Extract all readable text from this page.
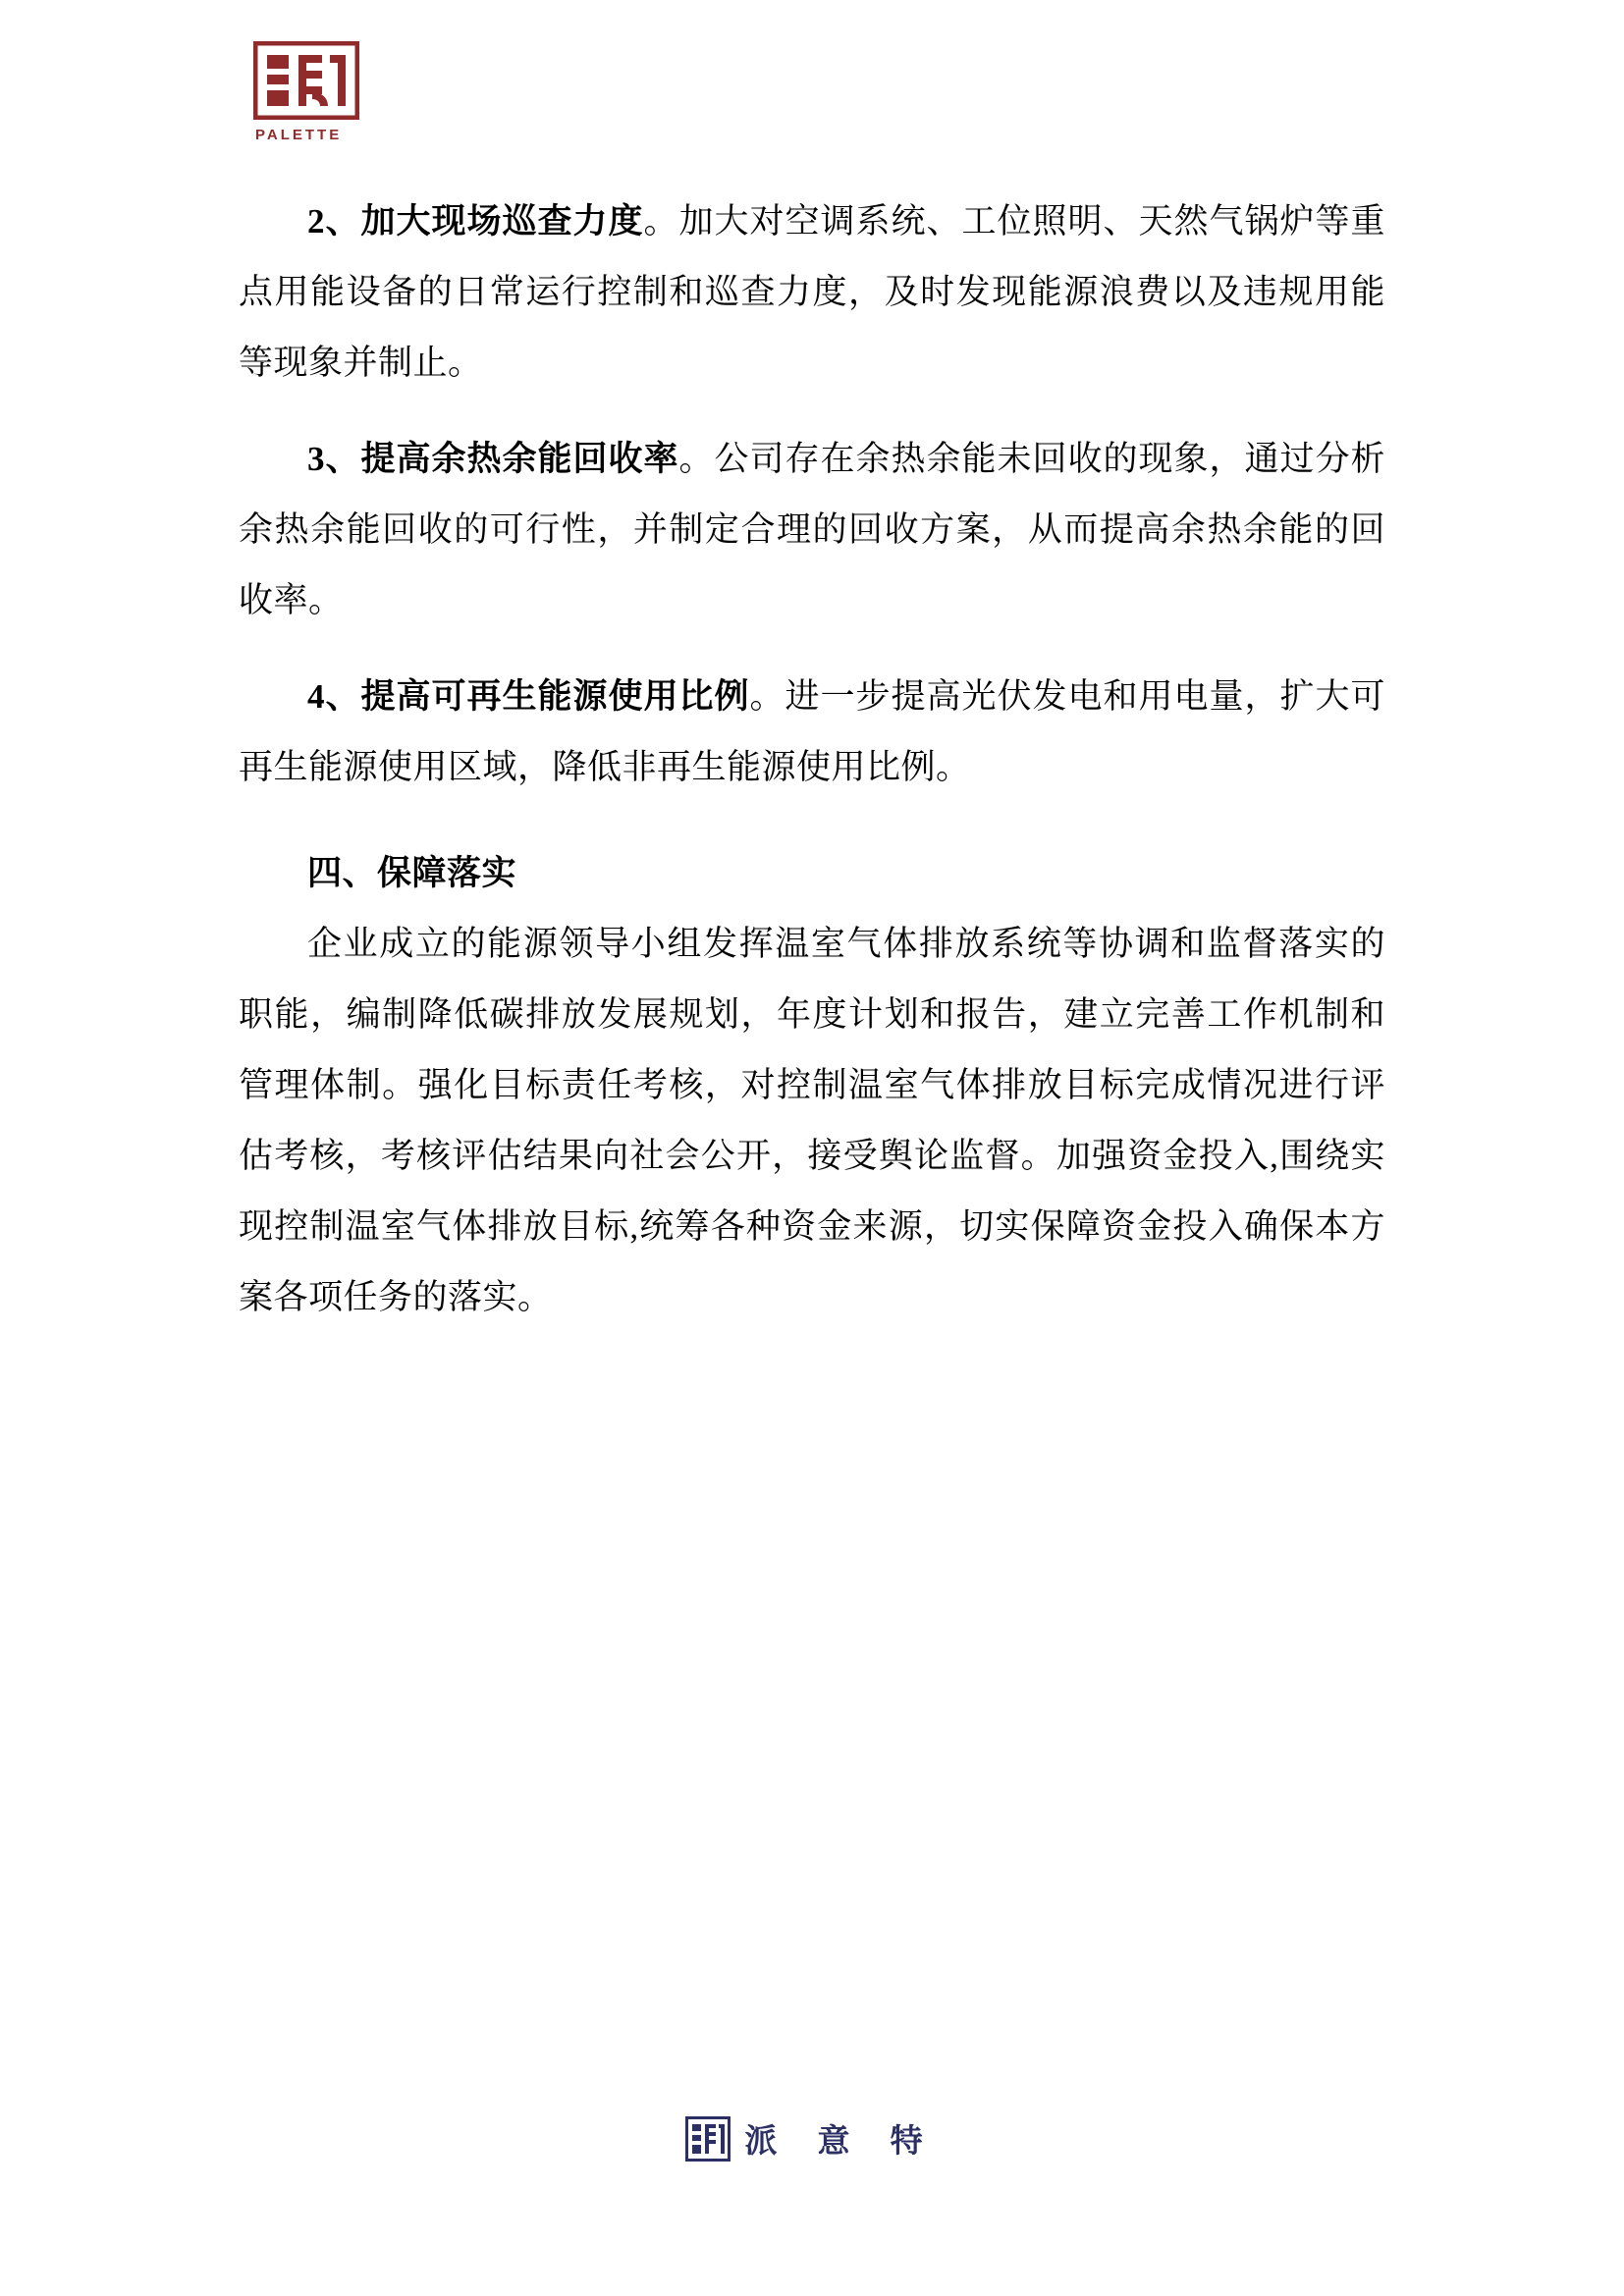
PALETTE

2、加大现场巡查力度。加大对空调系统、工位照明、天然气锅炉等重点用能设备的日常运行控制和巡查力度，及时发现能源浪费以及违规用能等现象并制止。

3、提高余热余能回收率。公司存在余热余能未回收的现象，通过分析余热余能回收的可行性，并制定合理的回收方案，从而提高余热余能的回收率。

4、提高可再生能源使用比例。进一步提高光伏发电和用电量，扩大可再生能源使用区域，降低非再生能源使用比例。

四、保障落实

企业成立的能源领导小组发挥温室气体排放系统等协调和监督落实的职能，编制降低碳排放发展规划，年度计划和报告，建立完善工作机制和管理体制。强化目标责任考核，对控制温室气体排放目标完成情况进行评估考核，考核评估结果向社会公开，接受舆论监督。加强资金投入,围绕实现控制温室气体排放目标,统筹各种资金来源，切实保障资金投入确保本方案各项任务的落实。

派 意 特
